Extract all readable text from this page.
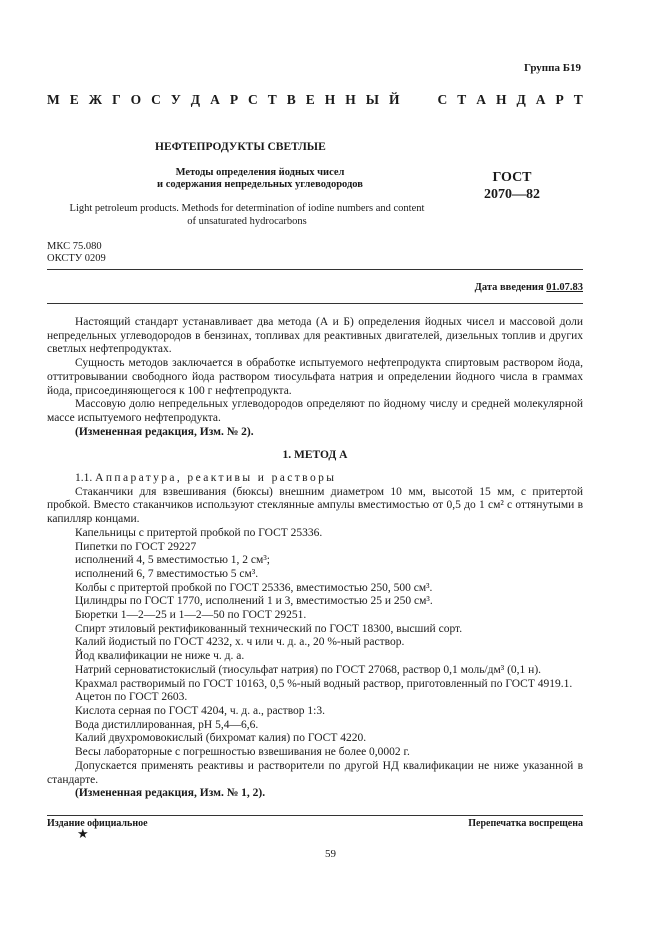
Группа Б19
М Е Ж Г О С У Д А Р С Т В Е Н Н Ы Й	С Т А Н Д А Р Т
НЕФТЕПРОДУКТЫ СВЕТЛЫЕ
Методы определения йодных чисел
и содержания непредельных углеводородов	ГОСТ
2070—82
Light petroleum products. Methods for determination of iodine numbers and content
of unsaturated hydrocarbons
МКС 75.080
ОКСТУ 0209
Дата введения 01.07.83

Настоящий стандарт устанавливает два метода (А и Б) определения йодных чисел и массовой доли непредельных углеводородов в бензинах, топливах для реактивных двигателей, дизельных топлив и других светлых нефтепродуктах.

Сущность методов заключается в обработке испытуемого нефтепродукта спиртовым раствором йода, оттитровывании свободного йода раствором тиосульфата натрия и определении йодного числа в граммах йода, присоединяющегося к 100 г нефтепродукта.

Массовую долю непредельных углеводородов определяют по йодному числу и средней молекулярной массе испытуемого нефтепродукта.

(Измененная редакция, Изм. № 2).

1. МЕТОД А

1.1. Аппаратура, реактивы и растворы

Стаканчики для взвешивания (бюксы) внешним диаметром 10 мм, высотой 15 мм, с притертой пробкой. Вместо стаканчиков используют стеклянные ампулы вместимостью от 0,5 до 1 см² с оттянутыми в капилляр концами.

Капельницы с притертой пробкой по ГОСТ 25336.

Пипетки по ГОСТ 29227

исполнений 4, 5 вместимостью 1, 2 см³;

исполнений 6, 7 вместимостью 5 см³.

Колбы с притертой пробкой по ГОСТ 25336, вместимостью 250, 500 см³.

Цилиндры по ГОСТ 1770, исполнений 1 и 3, вместимостью 25 и 250 см³.

Бюретки 1—2—25 и 1—2—50 по ГОСТ 29251.

Спирт этиловый ректификованный технический по ГОСТ 18300, высший сорт.

Калий йодистый по ГОСТ 4232, х. ч или ч. д. а., 20 %-ный раствор.

Йод квалификации не ниже ч. д. а.

Натрий серноватистокислый (тиосульфат натрия) по ГОСТ 27068, раствор 0,1 моль/дм³ (0,1 н).

Крахмал растворимый по ГОСТ 10163, 0,5 %-ный водный раствор, приготовленный по ГОСТ 4919.1.

Ацетон по ГОСТ 2603.

Кислота серная по ГОСТ 4204, ч. д. а., раствор 1:3.

Вода дистиллированная, pH 5,4—6,6.

Калий двухромовокислый (бихромат калия) по ГОСТ 4220.

Весы лабораторные с погрешностью взвешивания не более 0,0002 г.

Допускается применять реактивы и растворители по другой НД квалификации не ниже указанной в стандарте.

(Измененная редакция, Изм. № 1, 2).

Издание официальное	Перепечатка воспрещена
★
59
